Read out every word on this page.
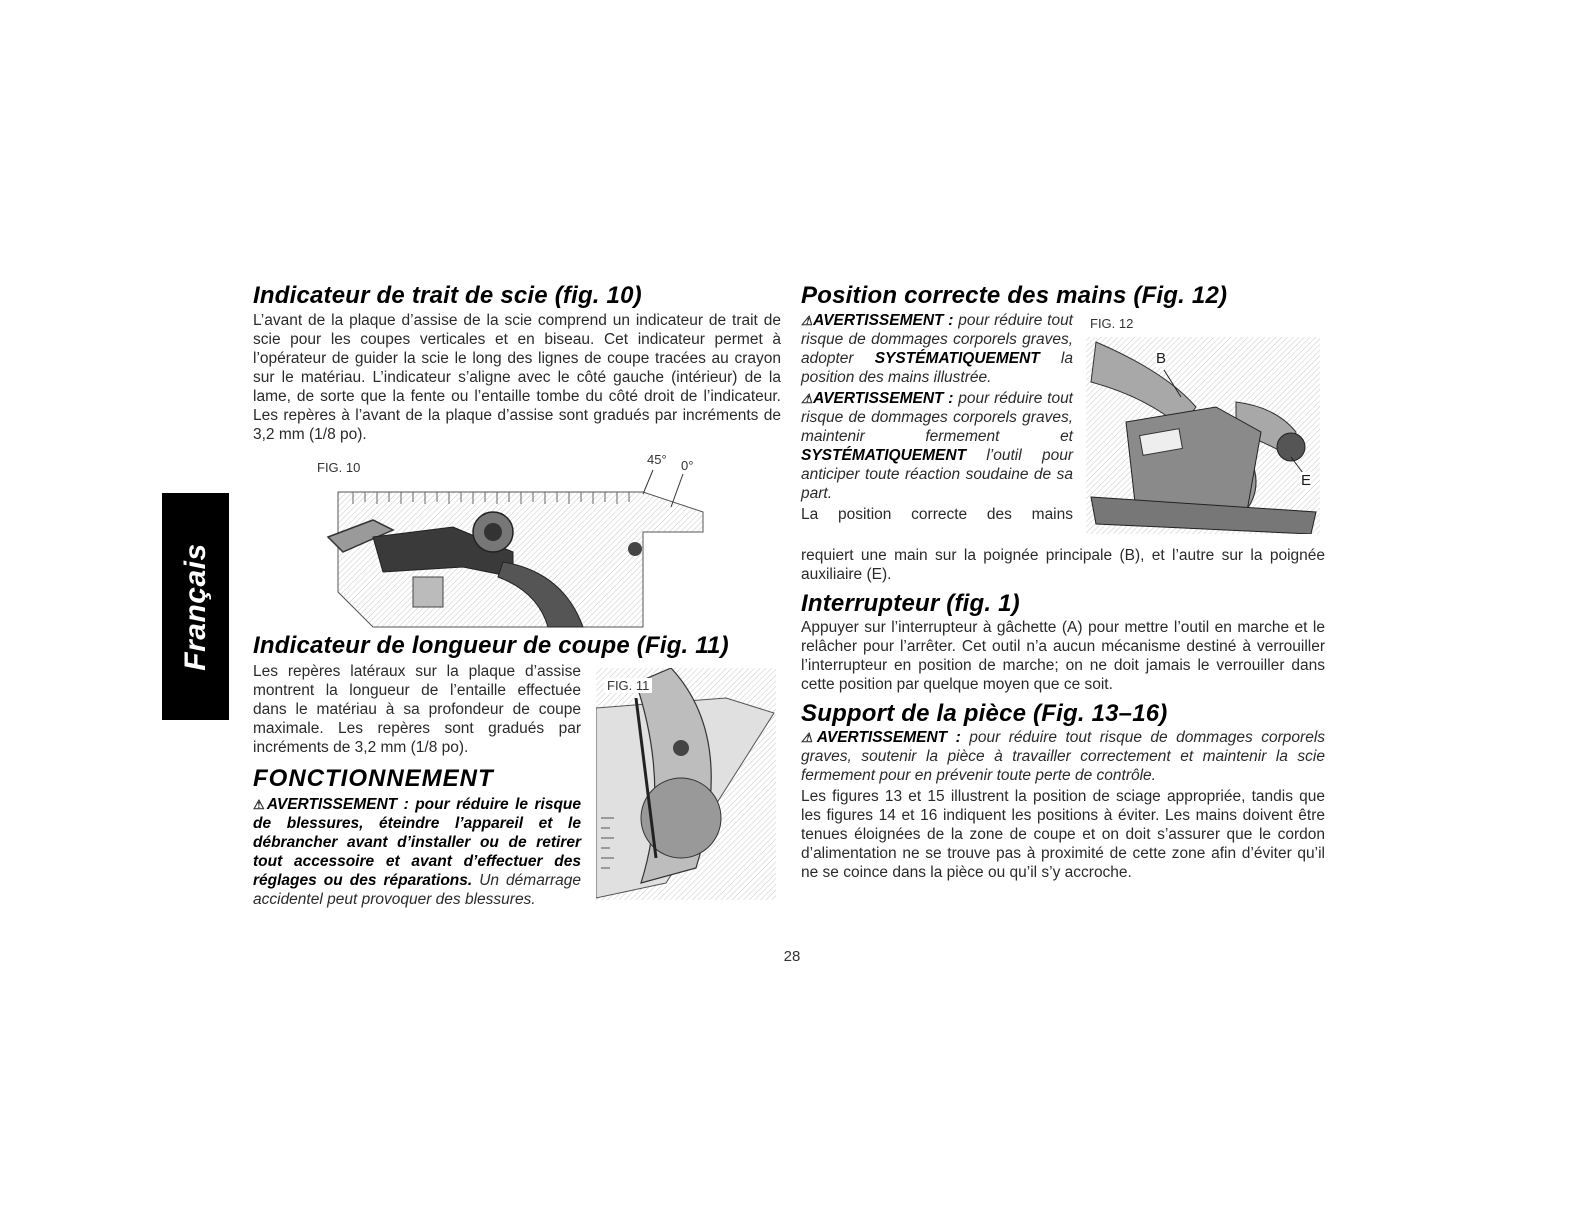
Français
Indicateur de trait de scie (fig. 10)

L’avant de la plaque d’assise de la scie comprend un indicateur de trait de scie pour les coupes verticales et en biseau. Cet indicateur permet à l’opérateur de guider la scie le long des lignes de coupe tracées au crayon sur le matériau. L’indicateur s’aligne avec le côté gauche (intérieur) de la lame, de sorte que la fente ou l’entaille tombe du côté droit de l’indicateur. Les repères à l’avant de la plaque d’assise sont gradués par incréments de 3,2 mm (1/8 po).

FIG. 10
45° 0°
Indicateur de longueur de coupe (Fig. 11)

Les repères latéraux sur la plaque d’assise montrent la longueur de l’entaille effectuée dans le matériau à sa profondeur de coupe maximale. Les repères sont gradués par incréments de 3,2 mm (1/8 po).

FONCTIONNEMENT

⚠AVERTISSEMENT : pour réduire le risque de blessures, éteindre l’appareil et le débrancher avant d’installer ou de retirer tout accessoire et avant d’effectuer des réglages ou des réparations. Un démarrage accidentel peut provoquer des blessures.

FIG. 11
Position correcte des mains (Fig. 12)

⚠AVERTISSEMENT : pour réduire tout risque de dommages corporels graves, adopter SYSTÉMATIQUEMENT la position des mains illustrée.

⚠AVERTISSEMENT : pour réduire tout risque de dommages corporels graves, maintenir fermement et SYSTÉMATIQUEMENT l’outil pour anticiper toute réaction soudaine de sa part.

La position correcte des mains

FIG. 12
B
E

requiert une main sur la poignée principale (B), et l’autre sur la poignée auxiliaire (E).

Interrupteur (fig. 1)

Appuyer sur l’interrupteur à gâchette (A) pour mettre l’outil en marche et le relâcher pour l’arrêter. Cet outil n’a aucun mécanisme destiné à verrouiller l’interrupteur en position de marche; on ne doit jamais le verrouiller dans cette position par quelque moyen que ce soit.

Support de la pièce (Fig. 13–16)

⚠AVERTISSEMENT : pour réduire tout risque de dommages corporels graves, soutenir la pièce à travailler correctement et maintenir la scie fermement pour en prévenir toute perte de contrôle.

Les figures 13 et 15 illustrent la position de sciage appropriée, tandis que les figures 14 et 16 indiquent les positions à éviter. Les mains doivent être tenues éloignées de la zone de coupe et on doit s’assurer que le cordon d’alimentation ne se trouve pas à proximité de cette zone afin d’éviter qu’il ne se coince dans la pièce ou qu’il s’y accroche.

28
